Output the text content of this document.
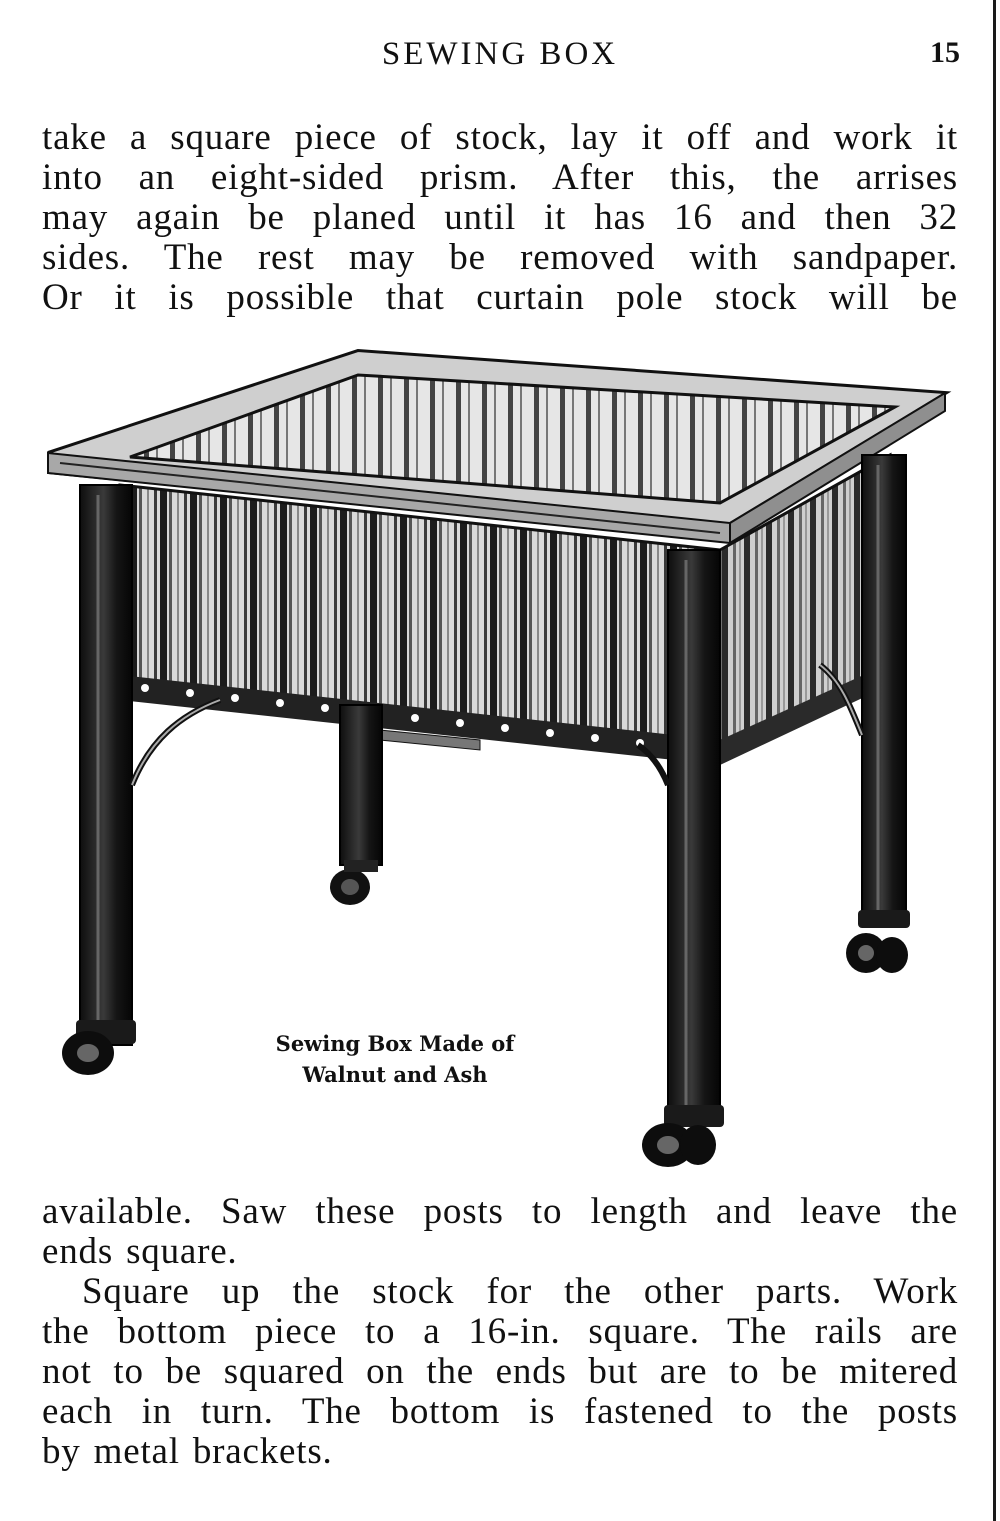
SEWING BOX	15
take a square piece of stock, lay it off and work it
into an eight-sided prism. After this, the arrises
may again be planed until it has 16 and then 32
sides. The rest may be removed with sandpaper.
Or it is possible that curtain pole stock will be
Sewing Box Made of
Walnut and Ash
available. Saw these posts to length and leave the
ends square.
Square up the stock for the other parts. Work
the bottom piece to a 16-in. square. The rails are
not to be squared on the ends but are to be mitered
each in turn. The bottom is fastened to the posts
by metal brackets.
